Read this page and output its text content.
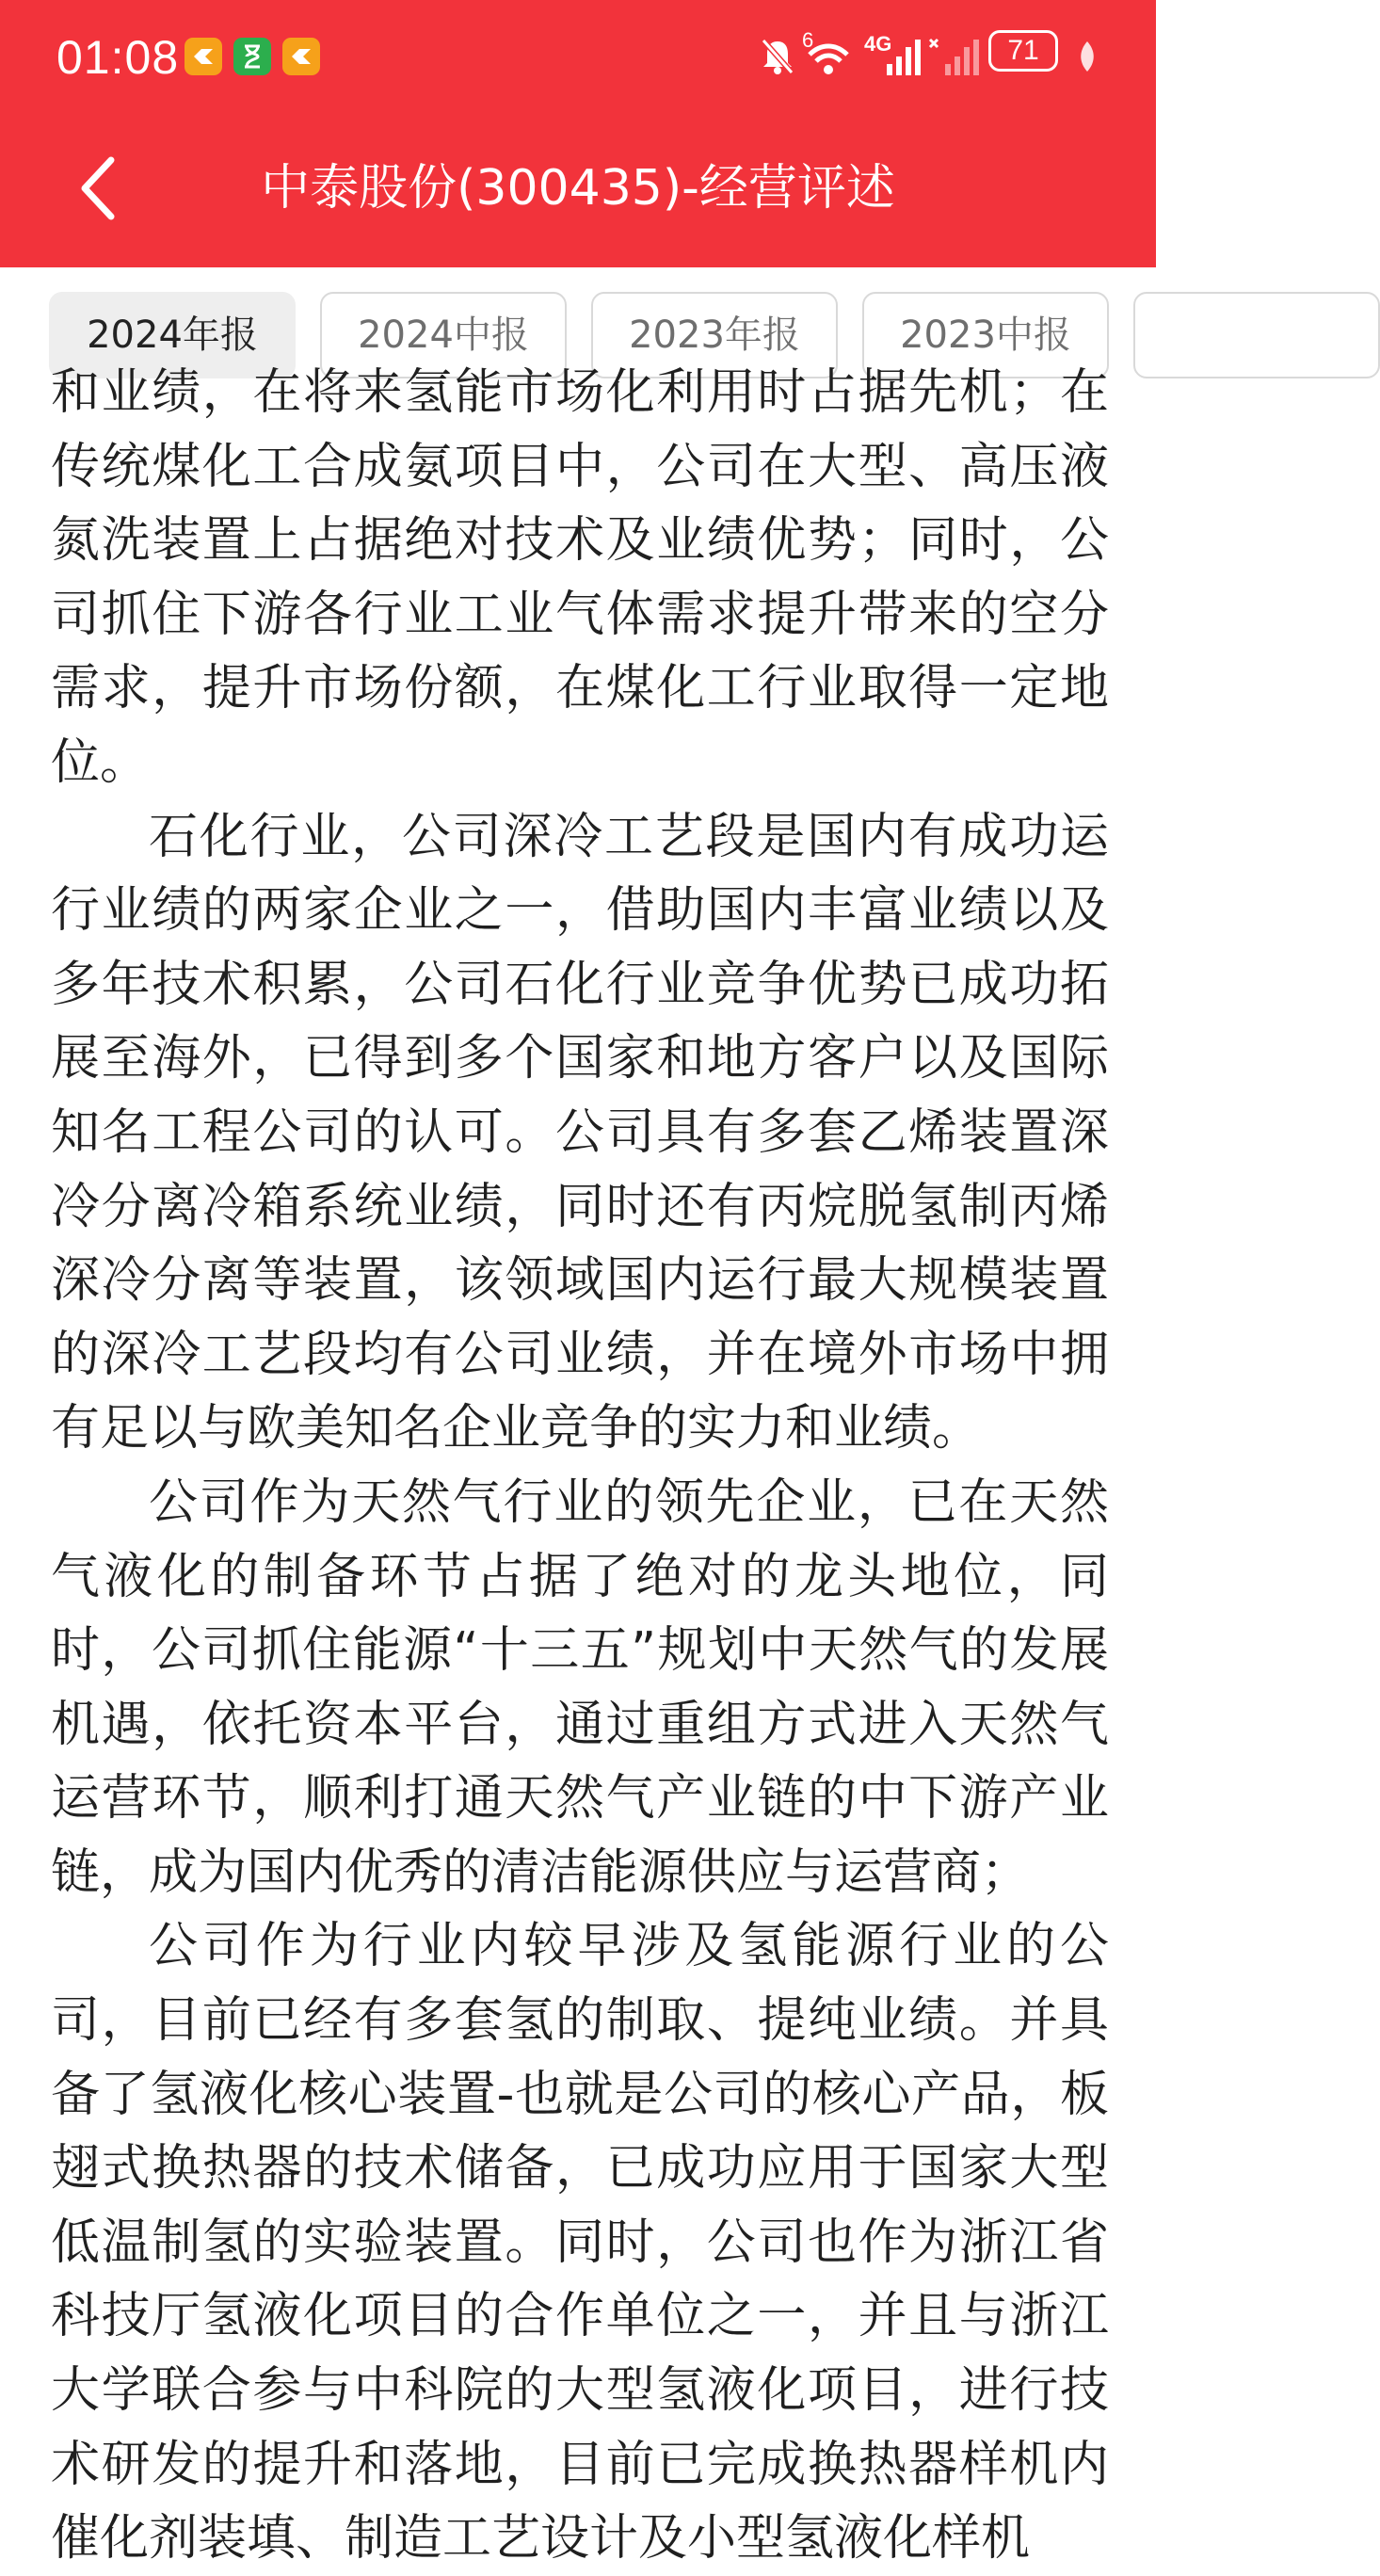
01:08	6 4G	71
中泰股份(300435)-经营评述
2024年报	2024中报	2023年报	2023中报

和业绩，在将来氢能市场化利用时占据先机；在传统煤化工合成氨项目中，公司在大型、高压液氮洗装置上占据绝对技术及业绩优势；同时，公司抓住下游各行业工业气体需求提升带来的空分需求，提升市场份额，在煤化工行业取得一定地位。

石化行业，公司深冷工艺段是国内有成功运行业绩的两家企业之一，借助国内丰富业绩以及多年技术积累，公司石化行业竞争优势已成功拓展至海外，已得到多个国家和地方客户以及国际知名工程公司的认可。公司具有多套乙烯装置深冷分离冷箱系统业绩，同时还有丙烷脱氢制丙烯深冷分离等装置，该领域国内运行最大规模装置的深冷工艺段均有公司业绩，并在境外市场中拥有足以与欧美知名企业竞争的实力和业绩。

公司作为天然气行业的领先企业，已在天然气液化的制备环节占据了绝对的龙头地位，同时，公司抓住能源“十三五”规划中天然气的发展机遇，依托资本平台，通过重组方式进入天然气运营环节，顺利打通天然气产业链的中下游产业链，成为国内优秀的清洁能源供应与运营商；

公司作为行业内较早涉及氢能源行业的公司，目前已经有多套氢的制取、提纯业绩。并具备了氢液化核心装置-也就是公司的核心产品，板翅式换热器的技术储备，已成功应用于国家大型低温制氢的实验装置。同时，公司也作为浙江省科技厅氢液化项目的合作单位之一，并且与浙江大学联合参与中科院的大型氢液化项目，进行技术研发的提升和落地，目前已完成换热器样机内催化剂装填、制造工艺设计及小型氢液化样机
